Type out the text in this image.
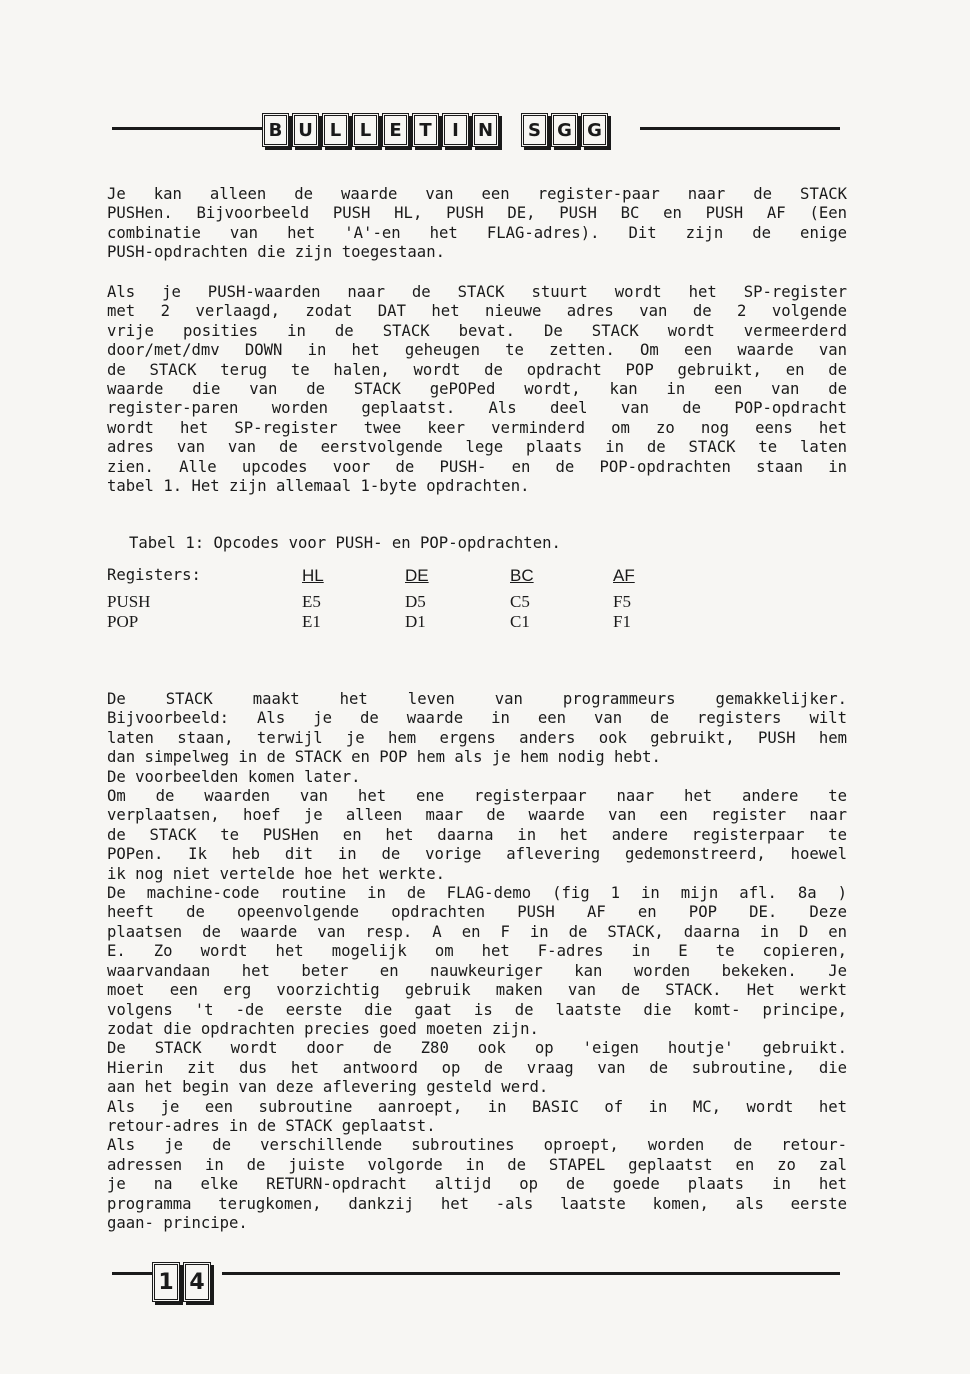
B U L	L	E T	I	N	S G G

Je kan alleen de waarde van een register-paar naar de STACK

PUSHen. Bijvoorbeeld PUSH HL, PUSH DE, PUSH BC en PUSH AF (Een

combinatie van het 'A'-en het FLAG-adres). Dit zijn de enige

PUSH-opdrachten die zijn toegestaan.

Als je PUSH-waarden naar de STACK stuurt wordt het SP-register

met 2 verlaagd, zodat DAT het nieuwe adres van de 2 volgende

vrije posities in de STACK bevat. De STACK wordt vermeerderd

door/met/dmv DOWN in het geheugen te zetten. Om een waarde van

de STACK terug te halen, wordt de opdracht POP gebruikt, en de

waarde die van de STACK gePOPed wordt, kan in een van de

register-paren worden geplaatst. Als deel van de POP-opdracht

wordt het SP-register twee keer verminderd om zo nog eens het

adres van van de eerstvolgende lege plaats in de STACK te laten

zien. Alle upcodes voor de PUSH- en de POP-opdrachten staan in

tabel 1. Het zijn allemaal 1-byte opdrachten.

Tabel 1: Opcodes voor PUSH- en POP-opdrachten.
Registers:	HL	DE	BC	AF
PUSH	E5	D5	C5	F5
POP	E1	D1	C1	F1

De STACK maakt het leven van programmeurs gemakkelijker.

Bijvoorbeeld: Als je de waarde in een van de registers wilt

laten staan, terwijl je hem ergens anders ook gebruikt, PUSH hem

dan simpelweg in de STACK en POP hem als je hem nodig hebt.

De voorbeelden komen later.

Om de waarden van het ene registerpaar naar het andere te

verplaatsen, hoef je alleen maar de waarde van een register naar

de STACK te PUSHen en het daarna in het andere registerpaar te

POPen. Ik heb dit in de vorige aflevering gedemonstreerd, hoewel

ik nog niet vertelde hoe het werkte.

De machine-code routine in de FLAG-demo (fig 1 in mijn afl. 8a )

heeft de opeenvolgende opdrachten PUSH AF en POP DE. Deze

plaatsen de waarde van resp. A en F in de STACK, daarna in D en

E. Zo wordt het mogelijk om het F-adres in E te copieren,

waarvandaan het beter en nauwkeuriger kan worden bekeken. Je

moet een erg voorzichtig gebruik maken van de STACK. Het werkt

volgens 't -de eerste die gaat is de laatste die komt- principe,

zodat die opdrachten precies goed moeten zijn.

De STACK wordt door de Z80 ook op 'eigen houtje' gebruikt.

Hierin zit dus het antwoord op de vraag van de subroutine, die

aan het begin van deze aflevering gesteld werd.

Als je een subroutine aanroept, in BASIC of in MC, wordt het

retour-adres in de STACK geplaatst.

Als je de verschillende subroutines oproept, worden de retour-

adressen in de juiste volgorde in de STAPEL geplaatst en zo zal

je na elke RETURN-opdracht altijd op de goede plaats in het

programma terugkomen, dankzij het -als laatste komen, als eerste

gaan- principe.

1 4
